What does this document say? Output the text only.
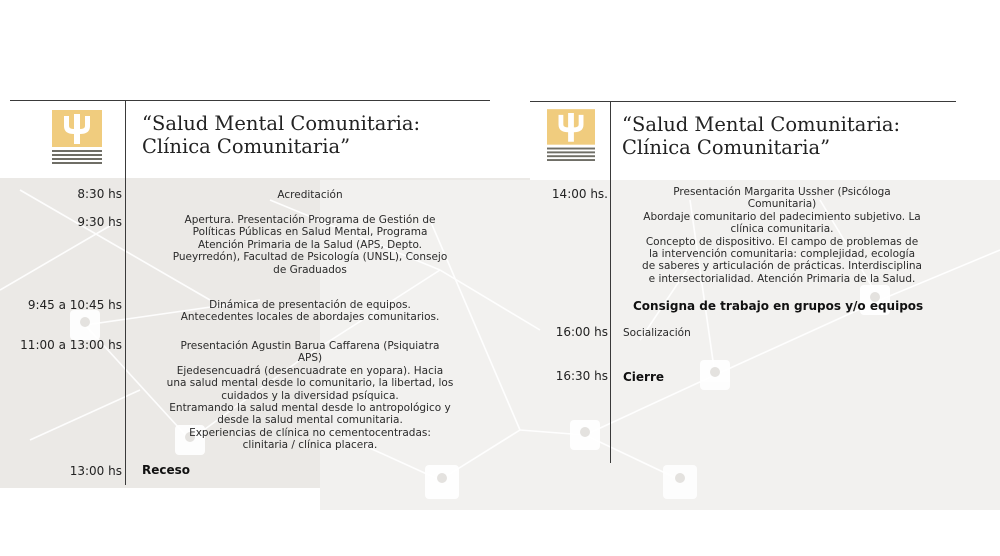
“Salud Mental Comunitaria:
Clínica Comunitaria”
8:30 hs	Acreditación
9:30 hs	Apertura. Presentación Programa de Gestión de
Políticas Públicas en Salud Mental, Programa
Atención Primaria de la Salud (APS, Depto.
Pueyrredón), Facultad de Psicología (UNSL), Consejo
de Graduados
9:45 a 10:45 hs	Dinámica de presentación de equipos.
Antecedentes locales de abordajes comunitarios.
11:00 a 13:00 hs	Presentación Agustin Barua Caffarena (Psiquiatra
APS)
Ejedesencuadrá (desencuadrate en yopara). Hacia
una salud mental desde lo comunitario, la libertad, los
cuidados y la diversidad psíquica.
Entramando la salud mental desde lo antropológico y
desde la salud mental comunitaria.
Experiencias de clínica no cementocentradas:
clinitaria / clínica placera.
13:00 hs Receso
“Salud Mental Comunitaria:
Clínica Comunitaria”
14:00 hs.	Presentación Margarita Ussher (Psicóloga
Comunitaria)
Abordaje comunitario del padecimiento subjetivo. La
clínica comunitaria.
Concepto de dispositivo. El campo de problemas de
la intervención comunitaria: complejidad, ecología
de saberes y articulación de prácticas. Interdisciplina
e intersectorialidad. Atención Primaria de la Salud.
Consigna de trabajo en grupos y/o equipos
16:00 hs Socialización
16:30 hs Cierre
